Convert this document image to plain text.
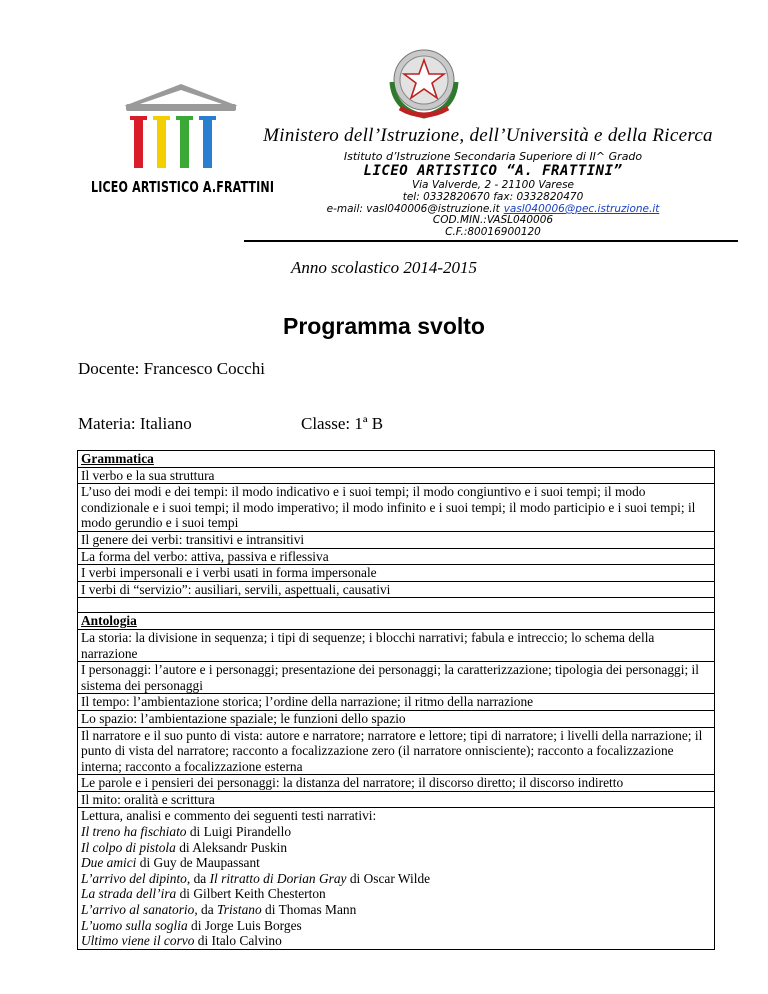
LICEO ARTISTICO A.FRATTINI
Ministero dell’Istruzione, dell’Università e della Ricerca
Istituto d’Istruzione Secondaria Superiore di II^ Grado
LICEO ARTISTICO “A. FRATTINI”
Via Valverde, 2 - 21100 Varese
tel: 0332820670 fax: 0332820470
e-mail: vasl040006@istruzione.it vasl040006@pec.istruzione.it
COD.MIN.:VASL040006
C.F.:80016900120
Anno scolastico 2014-2015
Programma svolto
Docente: Francesco Cocchi
Materia: Italiano	Classe: 1ª B
Grammatica
Il verbo e la sua struttura
L’uso dei modi e dei tempi: il modo indicativo e i suoi tempi; il modo congiuntivo e i suoi tempi; il modo condizionale e i suoi tempi; il modo imperativo; il modo infinito e i suoi tempi; il modo participio e i suoi tempi; il modo gerundio e i suoi tempi
Il genere dei verbi: transitivi e intransitivi
La forma del verbo: attiva, passiva e riflessiva
I verbi impersonali e i verbi usati in forma impersonale
I verbi di “servizio”: ausiliari, servili, aspettuali, causativi

Antologia
La storia: la divisione in sequenza; i tipi di sequenze; i blocchi narrativi; fabula e intreccio; lo schema della narrazione
I personaggi: l’autore e i personaggi; presentazione dei personaggi; la caratterizzazione; tipologia dei personaggi; il sistema dei personaggi
Il tempo: l’ambientazione storica; l’ordine della narrazione; il ritmo della narrazione
Lo spazio: l’ambientazione spaziale; le funzioni dello spazio
Il narratore e il suo punto di vista: autore e narratore; narratore e lettore; tipi di narratore; i livelli della narrazione; il punto di vista del narratore; racconto a focalizzazione zero (il narratore onnisciente); racconto a focalizzazione interna; racconto a focalizzazione esterna
Le parole e i pensieri dei personaggi: la distanza del narratore; il discorso diretto; il discorso indiretto
Il mito: oralità e scrittura

Lettura, analisi e commento dei seguenti testi narrativi:
Il treno ha fischiato di Luigi Pirandello
Il colpo di pistola di Aleksandr Puskin
Due amici di Guy de Maupassant
L’arrivo del dipinto, da Il ritratto di Dorian Gray di Oscar Wilde
La strada dell’ira di Gilbert Keith Chesterton
L’arrivo al sanatorio, da Tristano di Thomas Mann
L’uomo sulla soglia di Jorge Luis Borges
Ultimo viene il corvo di Italo Calvino
